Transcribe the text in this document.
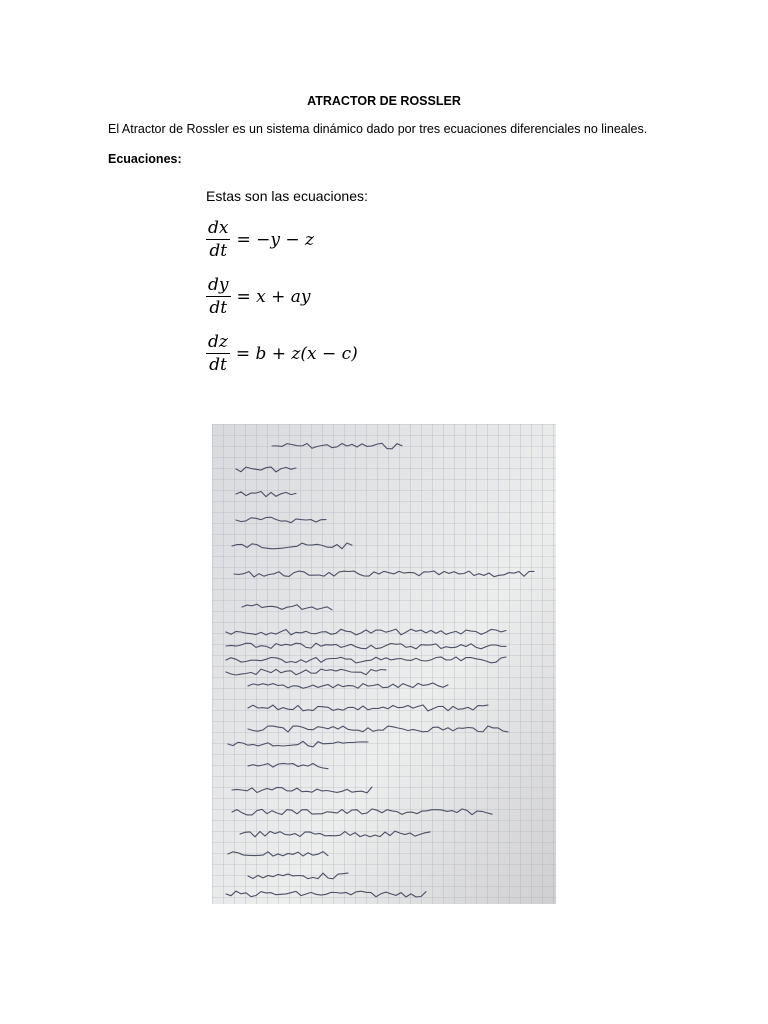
ATRACTOR DE ROSSLER
El Atractor de Rossler es un sistema dinámico dado por tres ecuaciones diferenciales no lineales.
Ecuaciones:
Estas son las ecuaciones:
$\frac{dx}{dt} = -y - z$
$\frac{dy}{dt} = x$ + ay
$\frac{dz}{dt} = b + z(x - c)$
